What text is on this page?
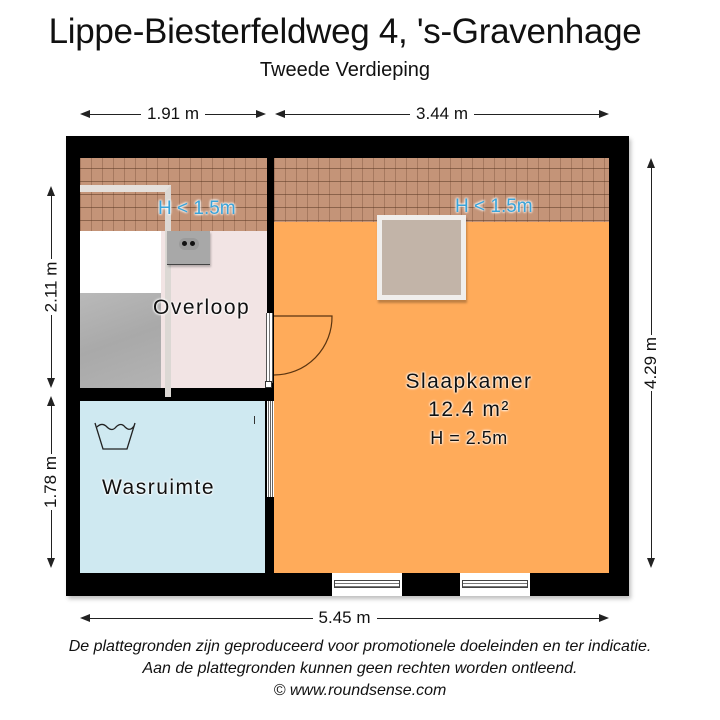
Lippe-Biesterfeldweg 4, 's-Gravenhage
Tweede Verdieping
1.91 m	3.44 m
2.11 m
1.78 m
4.29 m
H < 1.5m
Overloop
Wasruimte
H < 1.5m
Slaapkamer
12.4 m²
H = 2.5m
5.45 m
De plattegronden zijn geproduceerd voor promotionele doeleinden en ter indicatie.
Aan de plattegronden kunnen geen rechten worden ontleend.
© www.roundsense.com
